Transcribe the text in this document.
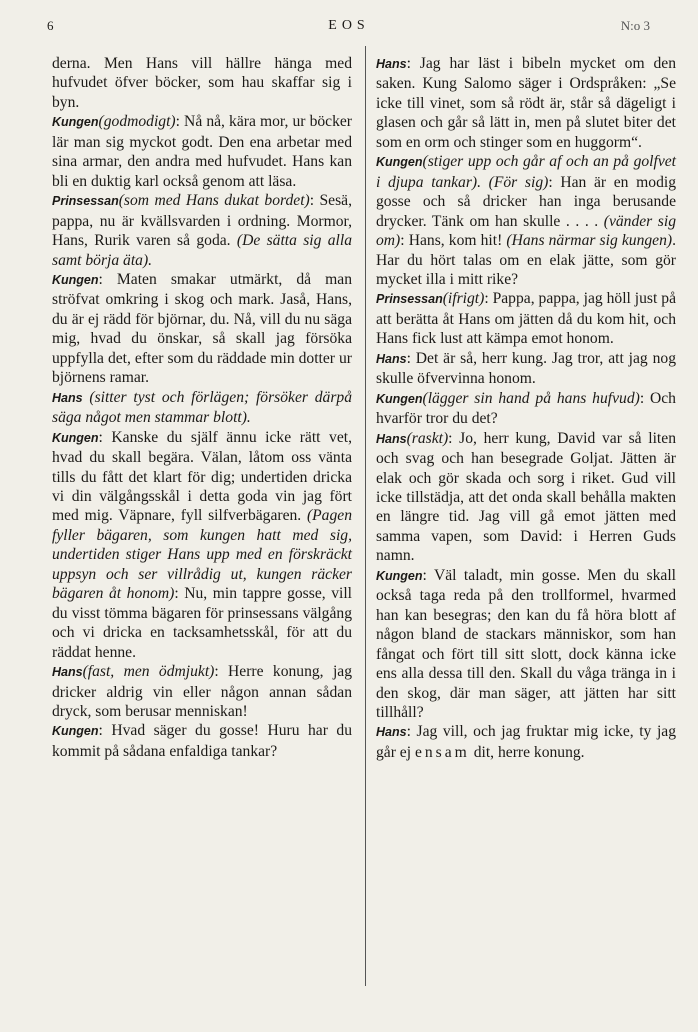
6	EOS	N:o 3

derna. Men Hans vill hällre hänga med hufvudet öfver böcker, som hau skaffar sig i byn.

Kungen(godmodigt): Nå nå, kära mor, ur böcker lär man sig myckot godt. Den ena arbetar med sina armar, den andra med hufvudet. Hans kan bli en duktig karl också genom att läsa.

Prinsessan(som med Hans dukat bordet): Sesä, pappa, nu är kvällsvarden i ordning. Mormor, Hans, Rurik varen så goda. (De sätta sig alla samt börja äta).

Kungen: Maten smakar utmärkt, då man ströfvat omkring i skog och mark. Jaså, Hans, du är ej rädd för björnar, du. Nå, vill du nu säga mig, hvad du önskar, så skall jag försöka uppfylla det, efter som du räddade min dotter ur björnens ramar.

Hans (sitter tyst och förlägen; försöker därpå säga något men stammar blott).

Kungen: Kanske du själf ännu icke rätt vet, hvad du skall begära. Välan, låtom oss vänta tills du fått det klart för dig; undertiden dricka vi din välgångsskål i detta goda vin jag fört med mig. Väpnare, fyll silfverbägaren. (Pagen fyller bägaren, som kungen hatt med sig, undertiden stiger Hans upp med en förskräckt uppsyn och ser villrådig ut, kungen räcker bägaren åt honom): Nu, min tappre gosse, vill du visst tömma bägaren för prinsessans välgång och vi dricka en tacksamhetsskål, för att du räddat henne.

Hans(fast, men ödmjukt): Herre konung, jag dricker aldrig vin eller någon annan sådan dryck, som berusar menniskan!

Kungen: Hvad säger du gosse! Huru har du kommit på sådana enfaldiga tankar?

Hans: Jag har läst i bibeln mycket om den saken. Kung Salomo säger i Ordspråken: „Se icke till vinet, som så rödt är, står så dägeligt i glasen och går så lätt in, men på slutet biter det som en orm och stinger som en huggorm“.

Kungen(stiger upp och går af och an på golfvet i djupa tankar). (För sig): Han är en modig gosse och så dricker han inga berusande drycker. Tänk om han skulle . . . . (vänder sig om): Hans, kom hit! (Hans närmar sig kungen). Har du hört talas om en elak jätte, som gör mycket illa i mitt rike?

Prinsessan(ifrigt): Pappa, pappa, jag höll just på att berätta åt Hans om jätten då du kom hit, och Hans fick lust att kämpa emot honom.

Hans: Det är så, herr kung. Jag tror, att jag nog skulle öfvervinna honom.

Kungen(lägger sin hand på hans hufvud): Och hvarför tror du det?

Hans(raskt): Jo, herr kung, David var så liten och svag och han besegrade Goljat. Jätten är elak och gör skada och sorg i riket. Gud vill icke tillstädja, att det onda skall behålla makten en längre tid. Jag vill gå emot jätten med samma vapen, som David: i Herren Guds namn.

Kungen: Väl taladt, min gosse. Men du skall också taga reda på den trollformel, hvarmed han kan besegras; den kan du få höra blott af någon bland de stackars människor, som han fångat och fört till sitt slott, dock känna icke ens alla dessa till den. Skall du våga tränga in i den skog, där man säger, att jätten har sitt tillhåll?

Hans: Jag vill, och jag fruktar mig icke, ty jag går ej ensam dit, herre konung.
